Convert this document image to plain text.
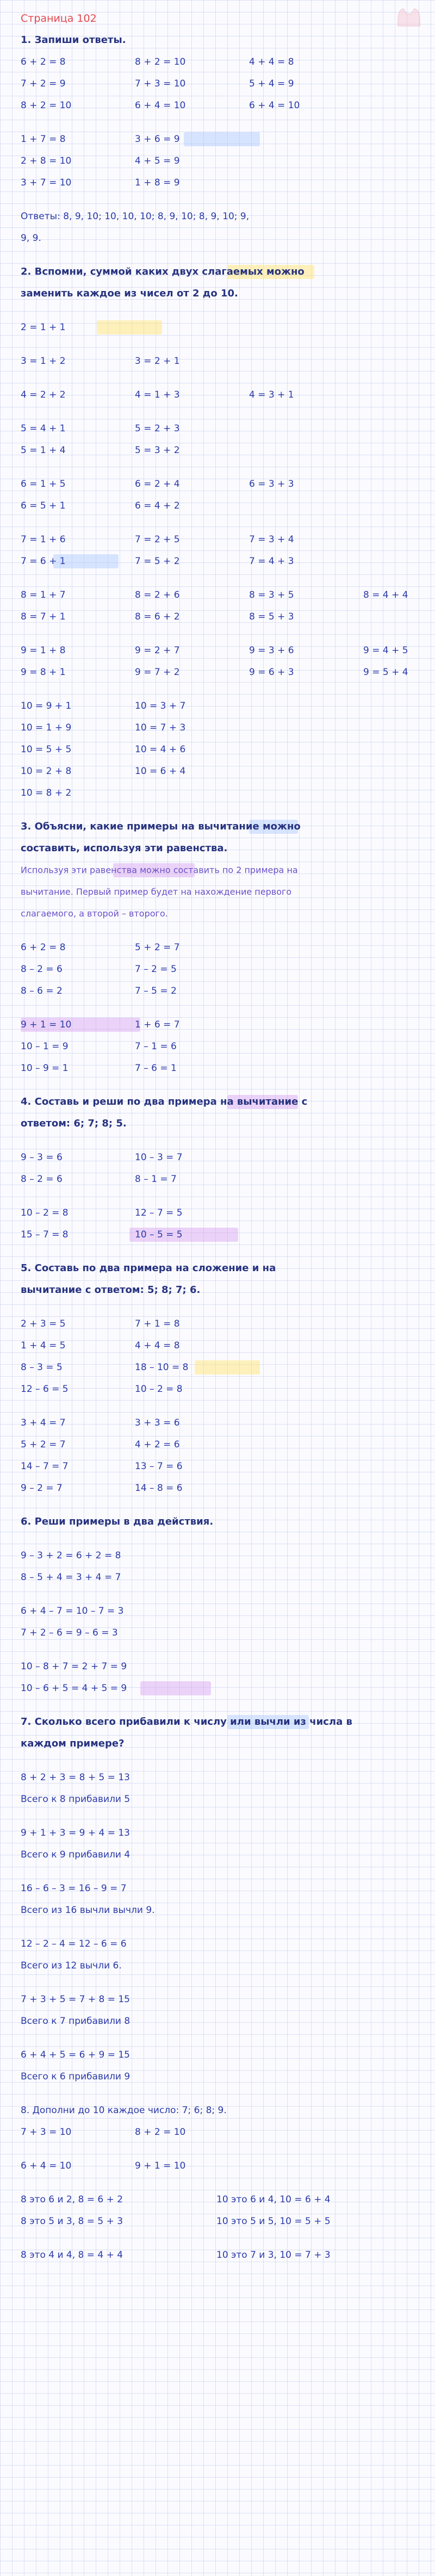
Страница 102
1. Запиши ответы.
6 + 2 = 8	8 + 2 = 10	4 + 4 = 8
7 + 2 = 9	7 + 3 = 10	5 + 4 = 9
8 + 2 = 10	6 + 4 = 10	6 + 4 = 10
1 + 7 = 8	3 + 6 = 9
2 + 8 = 10	4 + 5 = 9
3 + 7 = 10	1 + 8 = 9
Ответы: 8, 9, 10; 10, 10, 10; 8, 9, 10; 8, 9, 10; 9,
9, 9.
2. Вспомни, суммой каких двух слагаемых можно
заменить каждое из чисел от 2 до 10.
2 = 1 + 1
3 = 1 + 2	3 = 2 + 1
4 = 2 + 2	4 = 1 + 3	4 = 3 + 1
5 = 4 + 1	5 = 2 + 3
5 = 1 + 4	5 = 3 + 2
6 = 1 + 5	6 = 2 + 4	6 = 3 + 3
6 = 5 + 1	6 = 4 + 2
7 = 1 + 6	7 = 2 + 5	7 = 3 + 4
7 = 6 + 1	7 = 5 + 2	7 = 4 + 3
8 = 1 + 7	8 = 2 + 6	8 = 3 + 5	8 = 4 + 4
8 = 7 + 1	8 = 6 + 2	8 = 5 + 3
9 = 1 + 8	9 = 2 + 7	9 = 3 + 6	9 = 4 + 5
9 = 8 + 1	9 = 7 + 2	9 = 6 + 3	9 = 5 + 4
10 = 9 + 1	10 = 3 + 7
10 = 1 + 9	10 = 7 + 3
10 = 5 + 5	10 = 4 + 6
10 = 2 + 8	10 = 6 + 4
10 = 8 + 2
3. Объясни, какие примеры на вычитание можно
составить, используя эти равенства.
Используя эти равенства можно составить по 2 примера на
вычитание. Первый пример будет на нахождение первого
слагаемого, а второй – второго.
6 + 2 = 8	5 + 2 = 7
8 – 2 = 6	7 – 2 = 5
8 – 6 = 2	7 – 5 = 2
9 + 1 = 10	1 + 6 = 7
10 – 1 = 9	7 – 1 = 6
10 – 9 = 1	7 – 6 = 1
4. Составь и реши по два примера на вычитание с
ответом: 6; 7; 8; 5.
9 – 3 = 6	10 – 3 = 7
8 – 2 = 6	8 – 1 = 7
10 – 2 = 8	12 – 7 = 5
15 – 7 = 8	10 – 5 = 5
5. Составь по два примера на сложение и на
вычитание с ответом: 5; 8; 7; 6.
2 + 3 = 5	7 + 1 = 8
1 + 4 = 5	4 + 4 = 8
8 – 3 = 5	18 – 10 = 8
12 – 6 = 5	10 – 2 = 8
3 + 4 = 7	3 + 3 = 6
5 + 2 = 7	4 + 2 = 6
14 – 7 = 7	13 – 7 = 6
9 – 2 = 7	14 – 8 = 6
6. Реши примеры в два действия.
9 – 3 + 2 = 6 + 2 = 8
8 – 5 + 4 = 3 + 4 = 7
6 + 4 – 7 = 10 – 7 = 3
7 + 2 – 6 = 9 – 6 = 3
10 – 8 + 7 = 2 + 7 = 9
10 – 6 + 5 = 4 + 5 = 9
7. Сколько всего прибавили к числу или вычли из числа в
каждом примере?
8 + 2 + 3 = 8 + 5 = 13
Всего к 8 прибавили 5
9 + 1 + 3 = 9 + 4 = 13
Всего к 9 прибавили 4
16 – 6 – 3 = 16 – 9 = 7
Всего из 16 вычли вычли 9.
12 – 2 – 4 = 12 – 6 = 6
Всего из 12 вычли 6.
7 + 3 + 5 = 7 + 8 = 15
Всего к 7 прибавили 8
6 + 4 + 5 = 6 + 9 = 15
Всего к 6 прибавили 9
8. Дополни до 10 каждое число: 7; 6; 8; 9.
7 + 3 = 10	8 + 2 = 10
6 + 4 = 10	9 + 1 = 10
8 это 6 и 2, 8 = 6 + 2	10 это 6 и 4, 10 = 6 + 4
8 это 5 и 3, 8 = 5 + 3	10 это 5 и 5, 10 = 5 + 5
8 это 4 и 4, 8 = 4 + 4	10 это 7 и 3, 10 = 7 + 3
